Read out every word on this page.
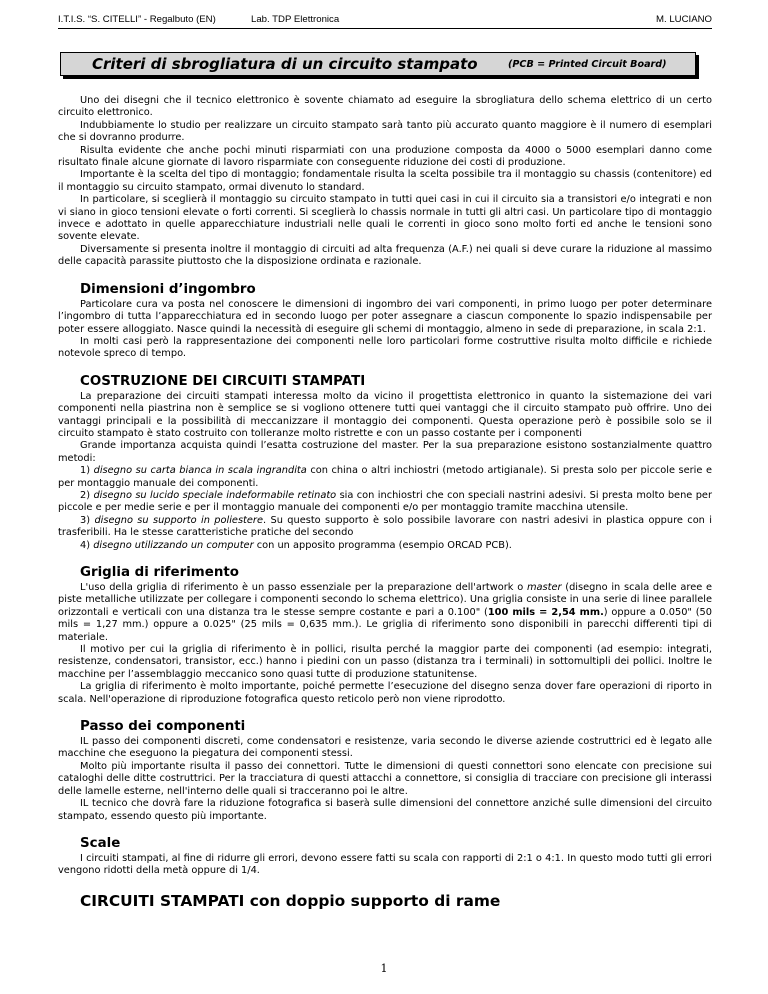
I.T.I.S. “S. CITELLI” - Regalbuto (EN)	Lab. TDP Elettronica	M. LUCIANO
Criteri di sbrogliatura di un circuito stampato	(PCB = Printed Circuit Board)

Uno dei disegni che il tecnico elettronico è sovente chiamato ad eseguire la sbrogliatura dello schema elettrico di un certo circuito elettronico.

Indubbiamente lo studio per realizzare un circuito stampato sarà tanto più accurato quanto maggiore è il numero di esemplari che si dovranno produrre.

Risulta evidente che anche pochi minuti risparmiati con una produzione composta da 4000 o 5000 esemplari danno come risultato finale alcune giornate di lavoro risparmiate con conseguente riduzione dei costi di produzione.

Importante è la scelta del tipo di montaggio; fondamentale risulta la scelta possibile tra il montaggio su chassis (contenitore) ed il montaggio su circuito stampato, ormai divenuto lo standard.

In particolare, si sceglierà il montaggio su circuito stampato in tutti quei casi in cui il circuito sia a transistori e/o integrati e non vi siano in gioco tensioni elevate o forti correnti. Si sceglierà lo chassis normale in tutti gli altri casi. Un particolare tipo di montaggio invece e adottato in quelle apparecchiature industriali nelle quali le correnti in gioco sono molto forti ed anche le tensioni sono sovente elevate.

Diversamente si presenta inoltre il montaggio di circuiti ad alta frequenza (A.F.) nei quali si deve curare la riduzione al massimo delle capacità parassite piuttosto che la disposizione ordinata e razionale.

Dimensioni d’ingombro

Particolare cura va posta nel conoscere le dimensioni di ingombro dei vari componenti, in primo luogo per poter determinare l’ingombro di tutta l’apparecchiatura ed in secondo luogo per poter assegnare a ciascun componente lo spazio indispensabile per poter essere alloggiato. Nasce quindi la necessità di eseguire gli schemi di montaggio, almeno in sede di preparazione, in scala 2:1.

In molti casi però la rappresentazione dei componenti nelle loro particolari forme costruttive risulta molto difficile e richiede notevole spreco di tempo.

COSTRUZIONE DEI CIRCUITI STAMPATI

La preparazione dei circuiti stampati interessa molto da vicino il progettista elettronico in quanto la sistemazione dei vari componenti nella piastrina non è semplice se si vogliono ottenere tutti quei vantaggi che il circuito stampato può offrire. Uno dei vantaggi principali e la possibilità di meccanizzare il montaggio dei componenti. Questa operazione però è possibile solo se il circuito stampato è stato costruito con tolleranze molto ristrette e con un passo costante per i componenti

Grande importanza acquista quindi l’esatta costruzione del master. Per la sua preparazione esistono sostanzialmente quattro metodi:

1) disegno su carta bianca in scala ingrandita con china o altri inchiostri (metodo artigianale). Si presta solo per piccole serie e per montaggio manuale dei componenti.

2) disegno su lucido speciale indeformabile retinato sia con inchiostri che con speciali nastrini adesivi. Si presta molto bene per piccole e per medie serie e per il montaggio manuale dei componenti e/o per montaggio tramite macchina utensile.

3) disegno su supporto in poliestere. Su questo supporto è solo possibile lavorare con nastri adesivi in plastica oppure con i trasferibili. Ha le stesse caratteristiche pratiche del secondo

4) disegno utilizzando un computer con un apposito programma (esempio ORCAD PCB).

Griglia di riferimento

L'uso della griglia di riferimento è un passo essenziale per la preparazione dell'artwork o master (disegno in scala delle aree e piste metalliche utilizzate per collegare i componenti secondo lo schema elettrico). Una griglia consiste in una serie di linee parallele orizzontali e verticali con una distanza tra le stesse sempre costante e pari a 0.100" (100 mils = 2,54 mm.) oppure a 0.050" (50 mils = 1,27 mm.) oppure a 0.025" (25 mils = 0,635 mm.). Le griglia di riferimento sono disponibili in parecchi differenti tipi di materiale.

Il motivo per cui la griglia di riferimento è in pollici, risulta perché la maggior parte dei componenti (ad esempio: integrati, resistenze, condensatori, transistor, ecc.) hanno i piedini con un passo (distanza tra i terminali) in sottomultipli dei pollici. Inoltre le macchine per l’assemblaggio meccanico sono quasi tutte di produzione statunitense.

La griglia di riferimento è molto importante, poiché permette l’esecuzione del disegno senza dover fare operazioni di riporto in scala. Nell'operazione di riproduzione fotografica questo reticolo però non viene riprodotto.

Passo dei componenti

IL passo dei componenti discreti, come condensatori e resistenze, varia secondo le diverse aziende costruttrici ed è legato alle macchine che eseguono la piegatura dei componenti stessi.

Molto più importante risulta il passo dei connettori. Tutte le dimensioni di questi connettori sono elencate con precisione sui cataloghi delle ditte costruttrici. Per la tracciatura di questi attacchi a connettore, si consiglia di tracciare con precisione gli interassi delle lamelle esterne, nell'interno delle quali si tracceranno poi le altre.

IL tecnico che dovrà fare la riduzione fotografica si baserà sulle dimensioni del connettore anziché sulle dimensioni del circuito stampato, essendo questo più importante.

Scale

I circuiti stampati, al fine di ridurre gli errori, devono essere fatti su scala con rapporti di 2:1 o 4:1. In questo modo tutti gli errori vengono ridotti della metà oppure di 1/4.

CIRCUITI STAMPATI con doppio supporto di rame
1
